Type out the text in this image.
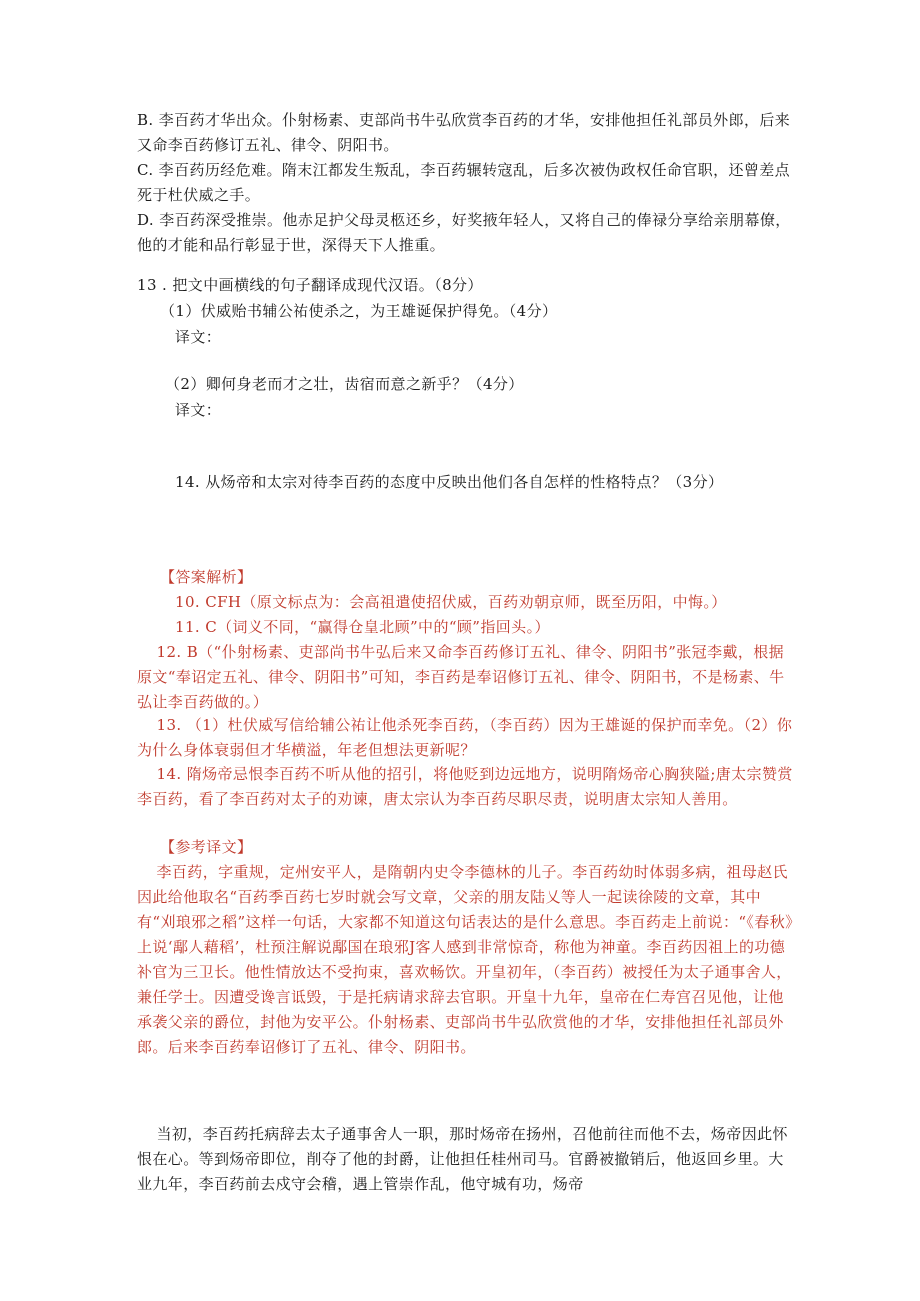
B. 李百药才华出众。仆射杨素、吏部尚书牛弘欣赏李百药的才华，安排他担任礼部员外郎，后来又命李百药修订五礼、律令、阴阳书。

C. 李百药历经危难。隋末江都发生叛乱，李百药辗转寇乱，后多次被伪政权任命官职，还曾差点死于杜伏威之手。

D. 李百药深受推崇。他赤足护父母灵柩还乡，好奖掖年轻人，又将自己的俸禄分享给亲朋幕僚，他的才能和品行彰显于世，深得天下人推重。

13 . 把文中画横线的句子翻译成现代汉语。（8分）

（1）伏威贻书辅公祐使杀之，为王雄诞保护得免。（4分）

译文：

（2）卿何身老而才之壮，齿宿而意之新乎？（4分）

译文：

14. 从炀帝和太宗对待李百药的态度中反映出他们各自怎样的性格特点？（3分）

【答案解析】

10. CFH（原文标点为：会高祖遣使招伏威，百药劝朝京师，既至历阳，中悔。）

11. C（词义不同，“赢得仓皇北顾”中的“顾”指回头。）

12. B（“仆射杨素、吏部尚书牛弘后来又命李百药修订五礼、律令、阴阳书”张冠李戴，根据原文“奉诏定五礼、律令、阴阳书”可知，李百药是奉诏修订五礼、律令、阴阳书，不是杨素、牛弘让李百药做的。）

13. （1）杜伏威写信给辅公祐让他杀死李百药，（李百药）因为王雄诞的保护而幸免。（2）你为什么身体衰弱但才华横溢，年老但想法更新呢？

14. 隋炀帝忌恨李百药不听从他的招引，将他贬到边远地方，说明隋炀帝心胸狭隘;唐太宗赞赏李百药，看了李百药对太子的劝谏，唐太宗认为李百药尽职尽责，说明唐太宗知人善用。

【参考译文】

李百药，字重规，定州安平人，是隋朝内史令李德林的儿子。李百药幼时体弱多病，祖母赵氏因此给他取名“百药季百药七岁时就会写文章，父亲的朋友陆乂等人一起读徐陵的文章，其中有“刈琅邪之稻”这样一句话，大家都不知道这句话表达的是什么意思。李百药走上前说：“《春秋》上说‘鄅人藉稻’，杜预注解说鄅国在琅邪J客人感到非常惊奇，称他为神童。李百药因祖上的功德补官为三卫长。他性情放达不受拘束，喜欢畅饮。开皇初年，（李百药）被授任为太子通事舍人，兼任学士。因遭受谗言诋毁，于是托病请求辞去官职。开皇十九年，皇帝在仁寿宫召见他，让他承袭父亲的爵位，封他为安平公。仆射杨素、吏部尚书牛弘欣赏他的才华，安排他担任礼部员外郎。后来李百药奉诏修订了五礼、律令、阴阳书。

当初，李百药托病辞去太子通事舍人一职，那时炀帝在扬州，召他前往而他不去，炀帝因此怀恨在心。等到炀帝即位，削夺了他的封爵，让他担任桂州司马。官爵被撤销后，他返回乡里。大业九年，李百药前去戍守会稽，遇上管崇作乱，他守城有功，炀帝
